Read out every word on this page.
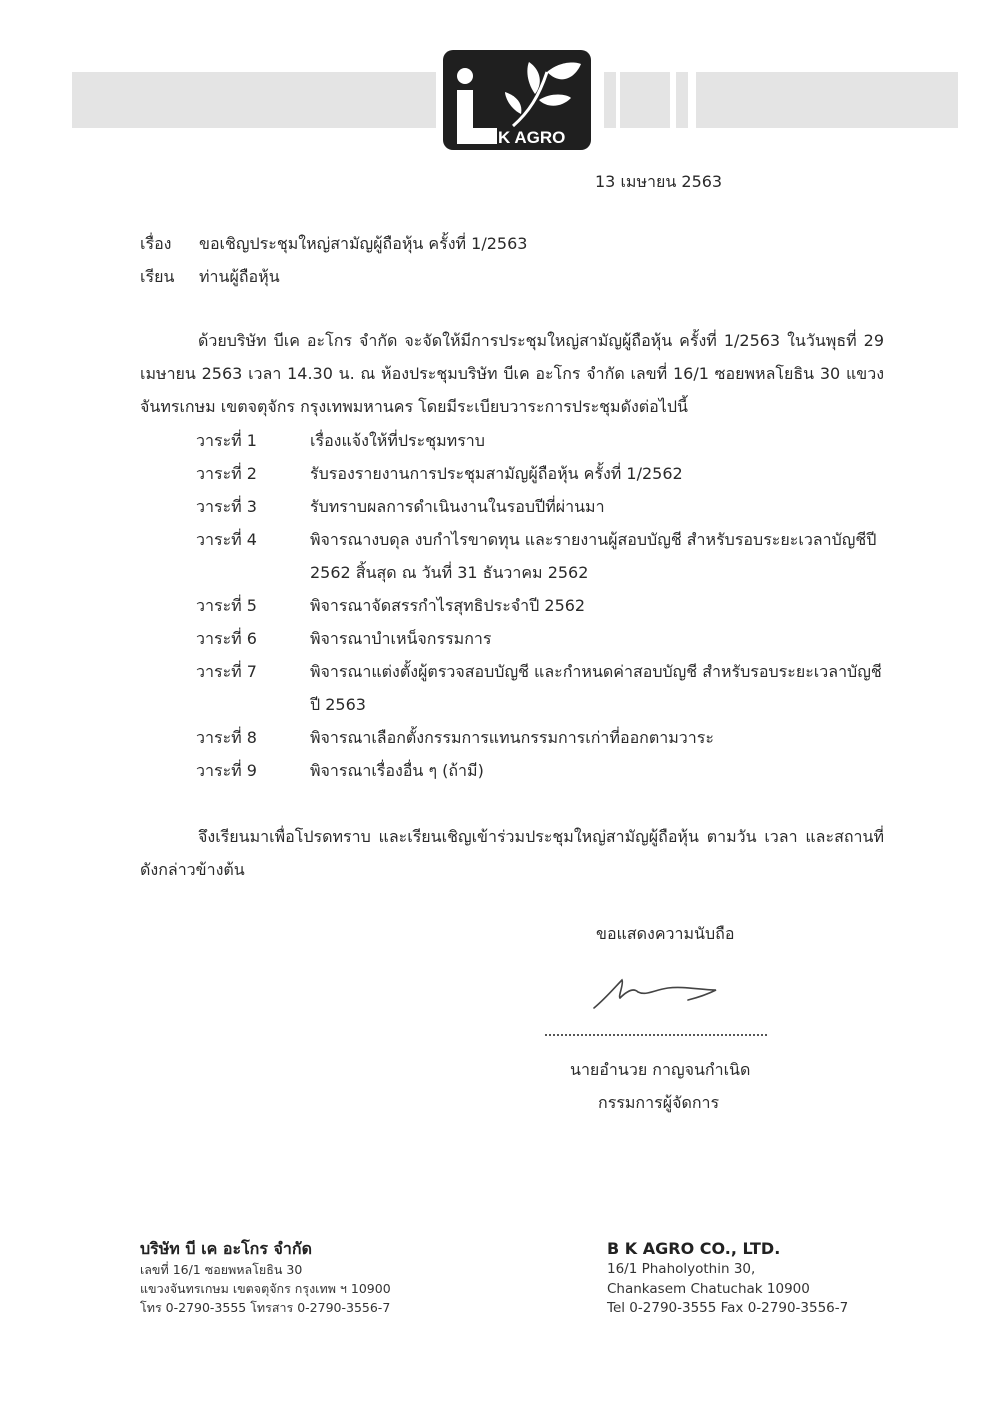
B K AGRO
13 เมษายน 2563
เรื่อง ขอเชิญประชุมใหญ่สามัญผู้ถือหุ้น ครั้งที่ 1/2563
เรียน ท่านผู้ถือหุ้น
ด้วยบริษัท บีเค อะโกร จำกัด จะจัดให้มีการประชุมใหญ่สามัญผู้ถือหุ้น ครั้งที่ 1/2563 ในวันพุธที่ 29 เมษายน 2563 เวลา 14.30 น. ณ ห้องประชุมบริษัท บีเค อะโกร จำกัด เลขที่ 16/1 ซอยพหลโยธิน 30 แขวงจันทรเกษม เขตจตุจักร กรุงเทพมหานคร โดยมีระเบียบวาระการประชุมดังต่อไปนี้
วาระที่ 1	เรื่องแจ้งให้ที่ประชุมทราบ
วาระที่ 2	รับรองรายงานการประชุมสามัญผู้ถือหุ้น ครั้งที่ 1/2562
วาระที่ 3	รับทราบผลการดำเนินงานในรอบปีที่ผ่านมา
วาระที่ 4	พิจารณางบดุล งบกำไรขาดทุน และรายงานผู้สอบบัญชี สำหรับรอบระยะเวลาบัญชีปี 2562 สิ้นสุด ณ วันที่ 31 ธันวาคม 2562
วาระที่ 5	พิจารณาจัดสรรกำไรสุทธิประจำปี 2562
วาระที่ 6	พิจารณาบำเหน็จกรรมการ
วาระที่ 7	พิจารณาแต่งตั้งผู้ตรวจสอบบัญชี และกำหนดค่าสอบบัญชี สำหรับรอบระยะเวลาบัญชี ปี 2563
วาระที่ 8	พิจารณาเลือกตั้งกรรมการแทนกรรมการเก่าที่ออกตามวาระ
วาระที่ 9	พิจารณาเรื่องอื่น ๆ (ถ้ามี)
จึงเรียนมาเพื่อโปรดทราบ และเรียนเชิญเข้าร่วมประชุมใหญ่สามัญผู้ถือหุ้น ตามวัน เวลา และสถานที่ดังกล่าวข้างต้น
ขอแสดงความนับถือ
นายอำนวย กาญจนกำเนิด
กรรมการผู้จัดการ
บริษัท บี เค อะโกร จำกัด
เลขที่ 16/1 ซอยพหลโยธิน 30
แขวงจันทรเกษม เขตจตุจักร กรุงเทพ ฯ 10900
โทร 0-2790-3555 โทรสาร 0-2790-3556-7
B K AGRO CO., LTD.
16/1 Phaholyothin 30,
Chankasem Chatuchak 10900
Tel 0-2790-3555 Fax 0-2790-3556-7
